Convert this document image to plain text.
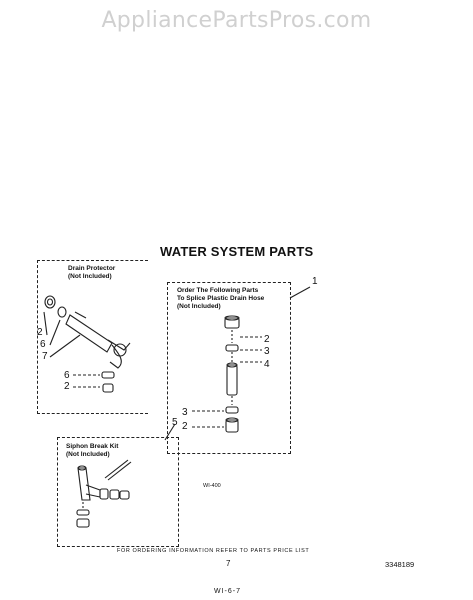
AppliancePartsPros.com
WATER SYSTEM PARTS
Drain Protector
(Not Included)
Order The Following Parts
To Splice Plastic Drain Hose
(Not Included)
Siphon Break Kit
(Not Included)
2
6
7
6
2
1
2
3
4
3
2
5
WI-400
FOR ORDERING INFORMATION REFER TO PARTS PRICE LIST
7	3348189
WI-6-7
